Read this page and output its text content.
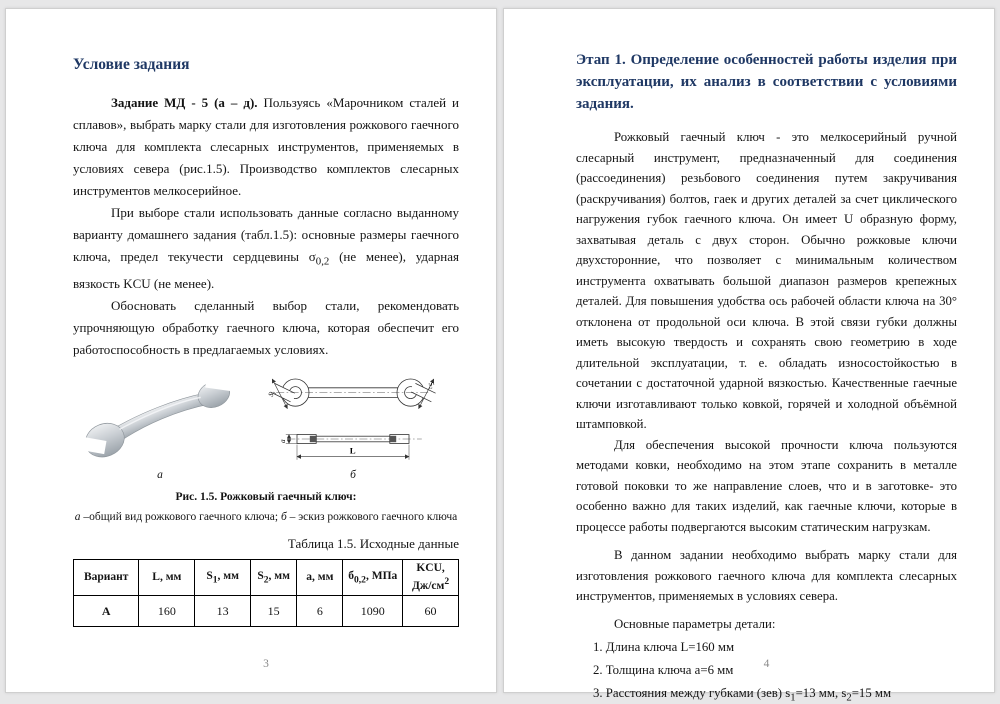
Условие задания

Задание МД - 5 (а – д). Пользуясь «Марочником сталей и сплавов», выбрать марку стали для изготовления рожкового гаечного ключа для комплекта слесарных инструментов, применяемых в условиях севера (рис.1.5). Производство комплектов слесарных инструментов мелкосерийное.

При выборе стали использовать данные согласно выданному варианту домашнего задания (табл.1.5): основные размеры гаечного ключа, предел текучести сердцевины $\sigma_{0,2}$ (не менее), ударная вязкость KCU (не менее).

Обосновать сделанный выбор стали, рекомендовать упрочняющую обработку гаечного ключа, которая обеспечит его работоспособность в предлагаемых условиях.

а
S₁
S₂
a
L
б
Рис. 1.5. Рожковый гаечный ключ:
а –общий вид рожкового гаечного ключа; б – эскиз рожкового гаечного ключа
Таблица 1.5. Исходные данные
Вариант	L, мм	$S_1$, мм	$S_2$, мм	а, мм	$б_{0,2}$, МПа	KCU,
$Дж/см^2$
А	160	13	15	6	1090	60
3
Этап 1. Определение особенностей работы изделия при эксплуатации, их анализ в соответствии с условиями задания.

Рожковый гаечный ключ - это мелкосерийный ручной слесарный инструмент, предназначенный для соединения (рассоединения) резьбового соединения путем закручивания (раскручивания) болтов, гаек и других деталей за счет циклического нагружения губок гаечного ключа. Он имеет U образную форму, захватывая деталь с двух сторон. Обычно рожковые ключи двухсторонние, что позволяет с минимальным количеством инструмента охватывать большой диапазон размеров крепежных деталей. Для повышения удобства ось рабочей области ключа на 30° отклонена от продольной оси ключа. В этой связи губки должны иметь высокую твердость и сохранять свою геометрию в ходе длительной эксплуатации, т. е. обладать износостойкостью в сочетании с достаточной ударной вязкостью. Качественные гаечные ключи изготавливают только ковкой, горячей и холодной объёмной штамповкой.

Для обеспечения высокой прочности ключа пользуются методами ковки, необходимо на этом этапе сохранить в металле готовой поковки то же направление слоев, что и в заготовке- это особенно важно для таких изделий, как гаечные ключи, которые в процессе работы подвергаются высоким статическим нагрузкам.

В данном задании необходимо выбрать марку стали для изготовления рожкового гаечного ключа для комплекта слесарных инструментов, применяемых в условиях севера.

Основные параметры детали:

1. Длина ключа L=160 мм
2. Толщина ключа а=6 мм
3. Расстояния между губками (зев) $s_1=13$ мм, $s_2=15$ мм
4
